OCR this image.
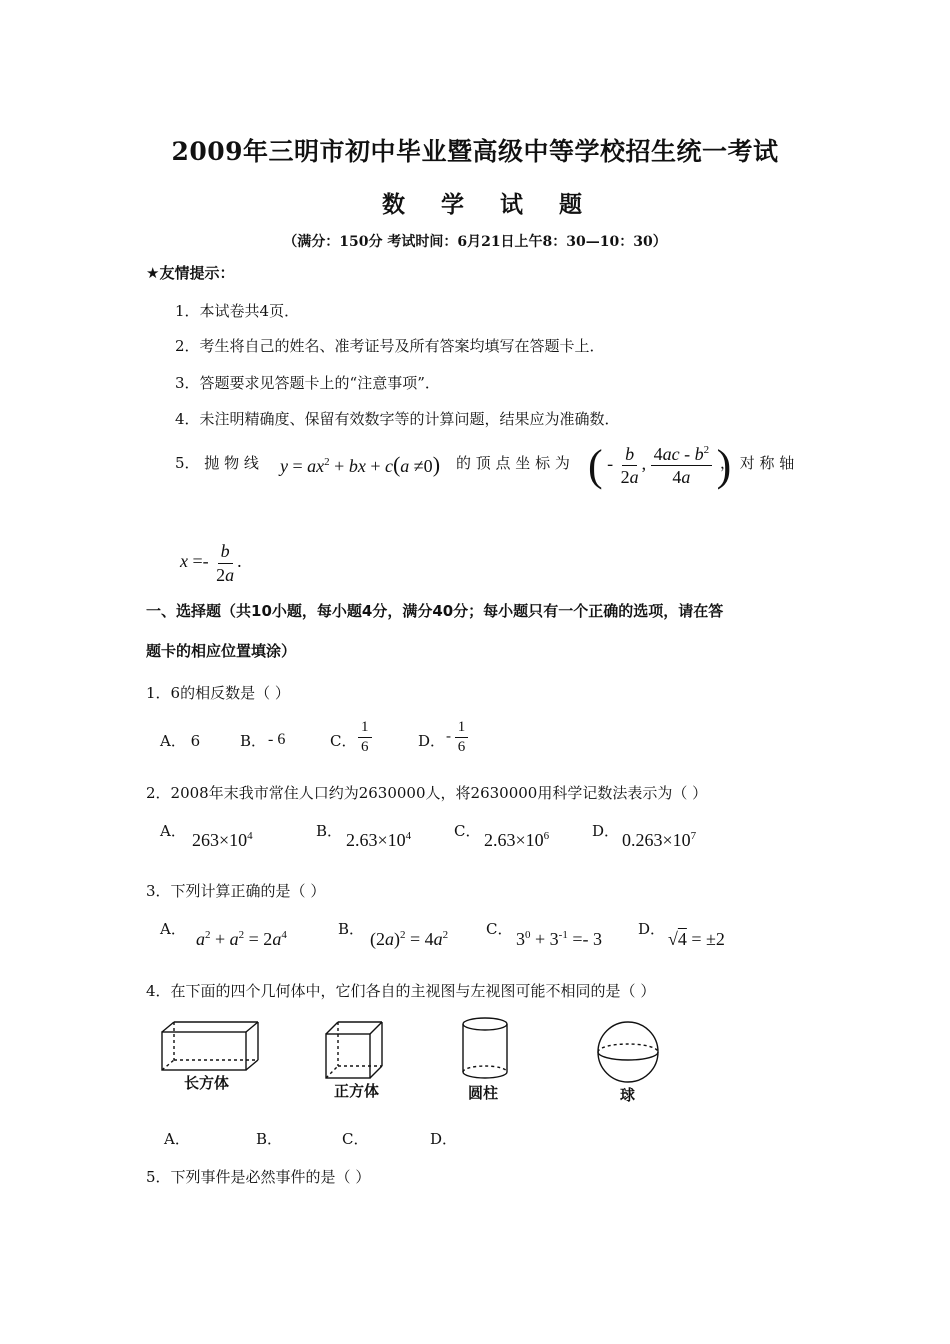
2009年三明市初中毕业暨高级中等学校招生统一考试
数 学 试 题
（满分：150分 考试时间：6月21日上午8：30—10：30）
★友情提示：
1．本试卷共4页．
2．考生将自己的姓名、准考证号及所有答案均填写在答题卡上．
3．答题要求见答题卡上的“注意事项”．
4．未注明精确度、保留有效数字等的计算问题，结果应为准确数．
5． 抛 物 线 $y = ax^2$ + bx + c(a ≠0) 的 顶 点 坐 标 为 ( - $\frac{b}{2a}$ , $\frac{4ac - b^2}{4a}$ )
， 对 称 轴
$x =- \frac{b}{2a}$ .
一、选择题（共10小题，每小题4分，满分40分；每小题只有一个正确的选项，请在答
题卡的相应位置填涂）
1．6的相反数是（ ）
A． 6	B． - 6	C． $\frac{1}{6}$	D． - $\frac{1}{6}$
2．2008年末我市常住人口约为2630000人，将2630000用科学记数法表示为（ ）
A． $263\times 10^4$	B． $2.63\times 10^4$	C． $2.63\times 10^6$	D． $0.263\times 10^7$
3．下列计算正确的是（ ）
A． $a^2 + a^2 = 2a^4$	B． $(2a)^2 = 4a^2$	C． $3^0 + 3^{-1} =- 3$ D． √4 = ±2
4．在下面的四个几何体中，它们各自的主视图与左视图可能不相同的是（ ）
长方体	正方体	圆柱	球
A．	B．	C．	D．
5．下列事件是必然事件的是（ ）
